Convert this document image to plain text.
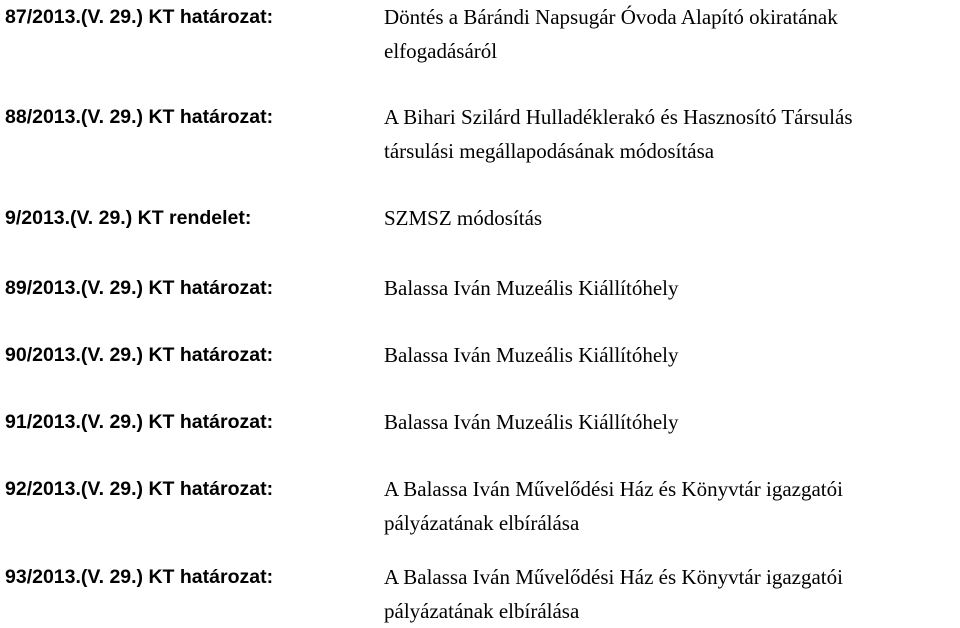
87/2013.(V. 29.) KT határozat:	Döntés a Bárándi Napsugár Óvoda Alapító okiratának
elfogadásáról
88/2013.(V. 29.) KT határozat:	A Bihari Szilárd Hulladéklerakó és Hasznosító Társulás
társulási megállapodásának módosítása
9/2013.(V. 29.) KT rendelet:	SZMSZ módosítás
89/2013.(V. 29.) KT határozat:	Balassa Iván Muzeális Kiállítóhely
90/2013.(V. 29.) KT határozat:	Balassa Iván Muzeális Kiállítóhely
91/2013.(V. 29.) KT határozat:	Balassa Iván Muzeális Kiállítóhely
92/2013.(V. 29.) KT határozat:	A Balassa Iván Művelődési Ház és Könyvtár igazgatói
pályázatának elbírálása
93/2013.(V. 29.) KT határozat:	A Balassa Iván Művelődési Ház és Könyvtár igazgatói
pályázatának elbírálása
